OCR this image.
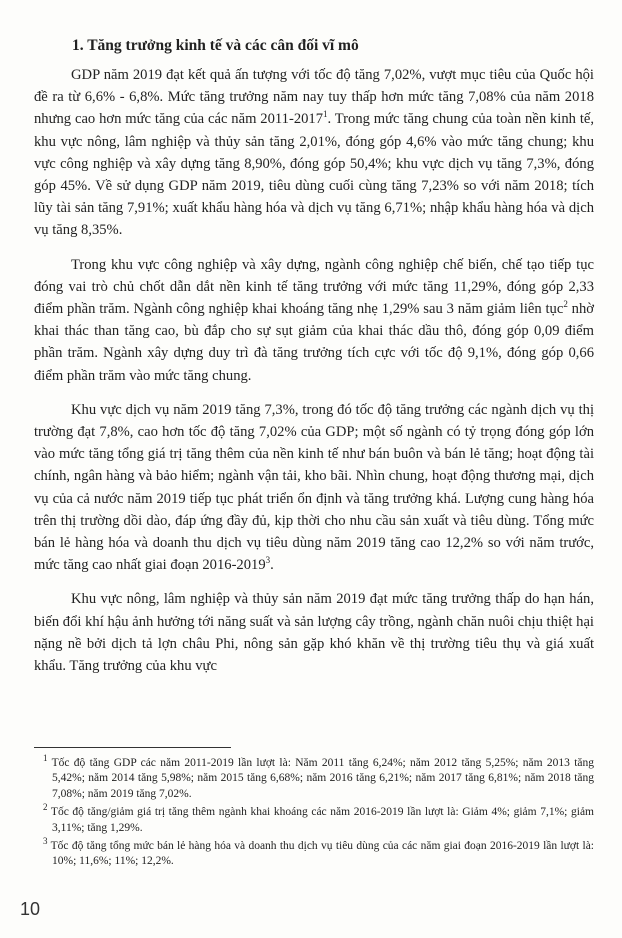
1. Tăng trưởng kinh tế và các cân đối vĩ mô

GDP năm 2019 đạt kết quả ấn tượng với tốc độ tăng 7,02%, vượt mục tiêu của Quốc hội đề ra từ 6,6% - 6,8%. Mức tăng trưởng năm nay tuy thấp hơn mức tăng 7,08% của năm 2018 nhưng cao hơn mức tăng của các năm 2011-2017$^1$. Trong mức tăng chung của toàn nền kinh tế, khu vực nông, lâm nghiệp và thủy sản tăng 2,01%, đóng góp 4,6% vào mức tăng chung; khu vực công nghiệp và xây dựng tăng 8,90%, đóng góp 50,4%; khu vực dịch vụ tăng 7,3%, đóng góp 45%. Về sử dụng GDP năm 2019, tiêu dùng cuối cùng tăng 7,23% so với năm 2018; tích lũy tài sản tăng 7,91%; xuất khẩu hàng hóa và dịch vụ tăng 6,71%; nhập khẩu hàng hóa và dịch vụ tăng 8,35%.

Trong khu vực công nghiệp và xây dựng, ngành công nghiệp chế biến, chế tạo tiếp tục đóng vai trò chủ chốt dẫn dắt nền kinh tế tăng trưởng với mức tăng 11,29%, đóng góp 2,33 điểm phần trăm. Ngành công nghiệp khai khoáng tăng nhẹ 1,29% sau 3 năm giảm liên tục$^2$ nhờ khai thác than tăng cao, bù đắp cho sự sụt giảm của khai thác dầu thô, đóng góp 0,09 điểm phần trăm. Ngành xây dựng duy trì đà tăng trưởng tích cực với tốc độ 9,1%, đóng góp 0,66 điểm phần trăm vào mức tăng chung.

Khu vực dịch vụ năm 2019 tăng 7,3%, trong đó tốc độ tăng trưởng các ngành dịch vụ thị trường đạt 7,8%, cao hơn tốc độ tăng 7,02% của GDP; một số ngành có tỷ trọng đóng góp lớn vào mức tăng tổng giá trị tăng thêm của nền kinh tế như bán buôn và bán lẻ tăng; hoạt động tài chính, ngân hàng và bảo hiểm; ngành vận tải, kho bãi. Nhìn chung, hoạt động thương mại, dịch vụ của cả nước năm 2019 tiếp tục phát triển ổn định và tăng trưởng khá. Lượng cung hàng hóa trên thị trường dồi dào, đáp ứng đầy đủ, kịp thời cho nhu cầu sản xuất và tiêu dùng. Tổng mức bán lẻ hàng hóa và doanh thu dịch vụ tiêu dùng năm 2019 tăng cao 12,2% so với năm trước, mức tăng cao nhất giai đoạn 2016-2019$^3$.

Khu vực nông, lâm nghiệp và thủy sản năm 2019 đạt mức tăng trưởng thấp do hạn hán, biến đổi khí hậu ảnh hưởng tới năng suất và sản lượng cây trồng, ngành chăn nuôi chịu thiệt hại nặng nề bởi dịch tả lợn châu Phi, nông sản gặp khó khăn về thị trường tiêu thụ và giá xuất khẩu. Tăng trưởng của khu vực

$^1$ Tốc độ tăng GDP các năm 2011-2019 lần lượt là: Năm 2011 tăng 6,24%; năm 2012 tăng 5,25%; năm 2013 tăng 5,42%; năm 2014 tăng 5,98%; năm 2015 tăng 6,68%; năm 2016 tăng 6,21%; năm 2017 tăng 6,81%; năm 2018 tăng 7,08%; năm 2019 tăng 7,02%.

$^2$ Tốc độ tăng/giảm giá trị tăng thêm ngành khai khoáng các năm 2016-2019 lần lượt là: Giảm 4%; giảm 7,1%; giảm 3,11%; tăng 1,29%.

$^3$ Tốc độ tăng tổng mức bán lẻ hàng hóa và doanh thu dịch vụ tiêu dùng của các năm giai đoạn 2016-2019 lần lượt là: 10%; 11,6%; 11%; 12,2%.

10
